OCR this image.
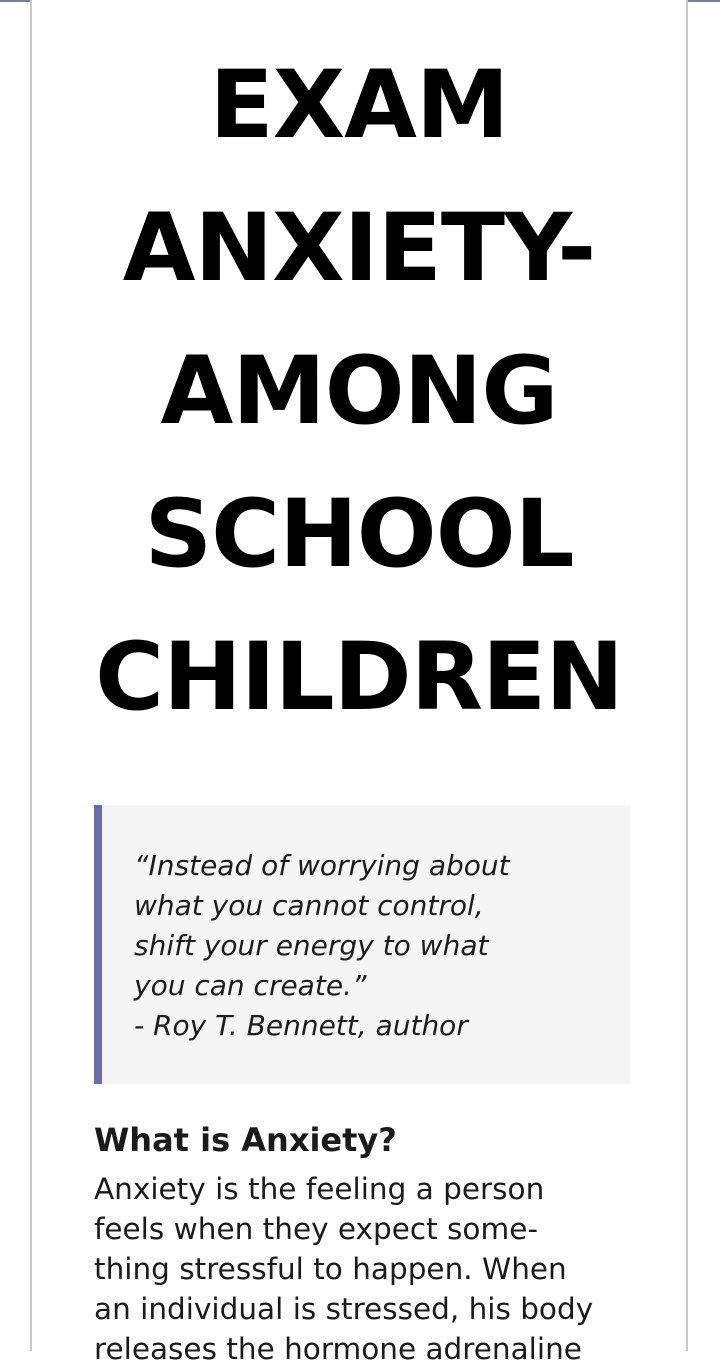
EXAM
ANXIETY-
AMONG
SCHOOL
CHILDREN
“Instead of worrying about
what you cannot control,
shift your energy to what
you can create.”
- Roy T. Bennett, author
What is Anxiety?

Anxiety is the feeling a person
feels when they expect some-
thing stressful to happen. When
an individual is stressed, his body
releases the hormone adrenaline
